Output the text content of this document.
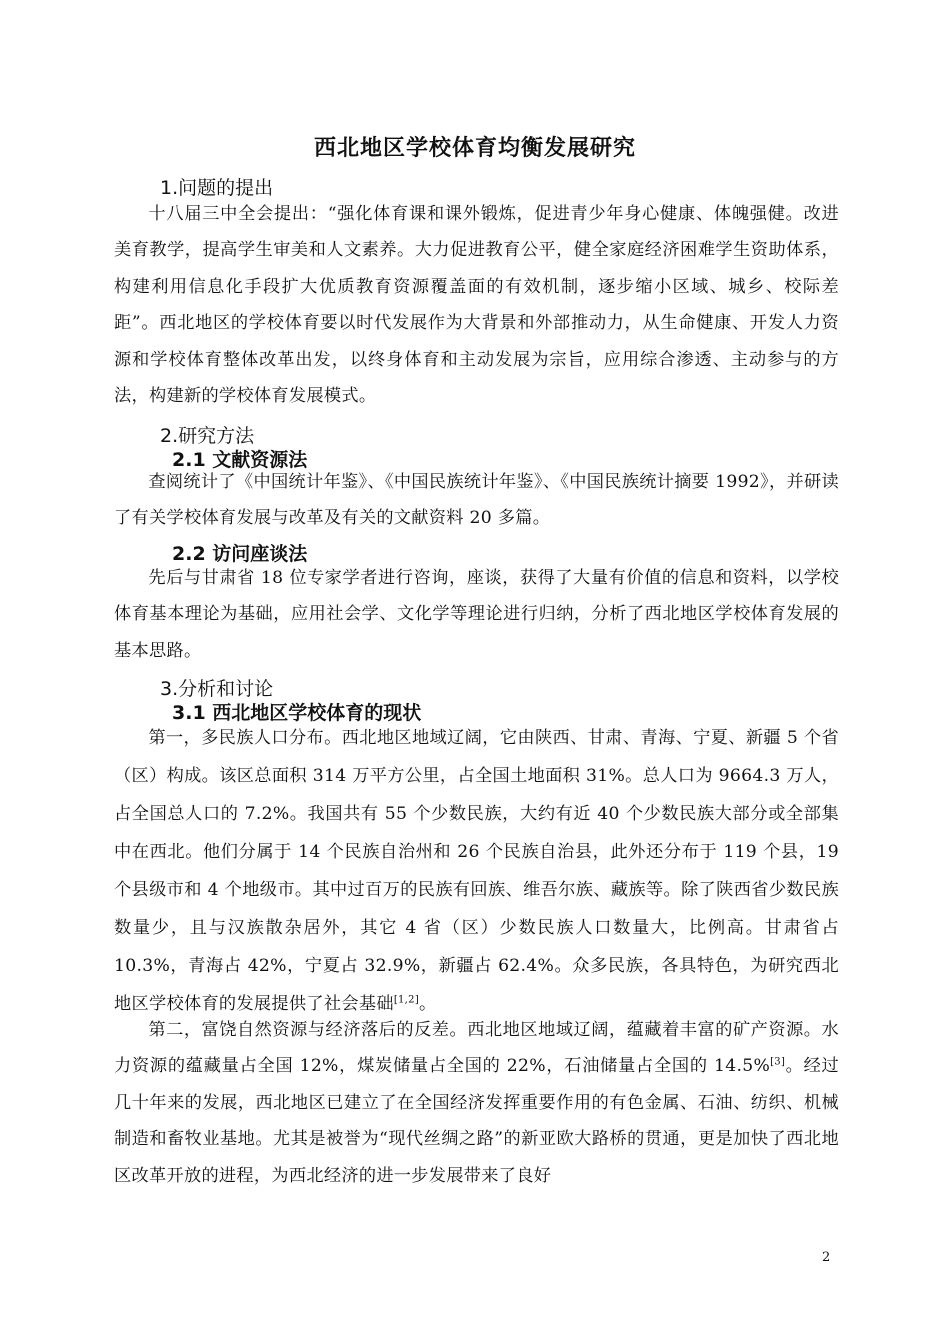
西北地区学校体育均衡发展研究
1.问题的提出
十八届三中全会提出：“强化体育课和课外锻炼，促进青少年身心健康、体魄强健。改进美育教学，提高学生审美和人文素养。大力促进教育公平，健全家庭经济困难学生资助体系，构建利用信息化手段扩大优质教育资源覆盖面的有效机制，逐步缩小区域、城乡、校际差距”。西北地区的学校体育要以时代发展作为大背景和外部推动力，从生命健康、开发人力资源和学校体育整体改革出发，以终身体育和主动发展为宗旨，应用综合渗透、主动参与的方法，构建新的学校体育发展模式。
2.研究方法
2.1 文献资源法
查阅统计了《中国统计年鉴》、《中国民族统计年鉴》、《中国民族统计摘要 1992》，并研读了有关学校体育发展与改革及有关的文献资料 20 多篇。
2.2 访问座谈法
先后与甘肃省 18 位专家学者进行咨询，座谈，获得了大量有价值的信息和资料，以学校体育基本理论为基础，应用社会学、文化学等理论进行归纳，分析了西北地区学校体育发展的基本思路。
3.分析和讨论
3.1 西北地区学校体育的现状
第一，多民族人口分布。西北地区地域辽阔，它由陕西、甘肃、青海、宁夏、新疆 5 个省（区）构成。该区总面积 314 万平方公里，占全国土地面积 31%。总人口为 9664.3 万人，占全国总人口的 7.2%。我国共有 55 个少数民族，大约有近 40 个少数民族大部分或全部集中在西北。他们分属于 14 个民族自治州和 26 个民族自治县，此外还分布于 119 个县，19 个县级市和 4 个地级市。其中过百万的民族有回族、维吾尔族、藏族等。除了陕西省少数民族数量少，且与汉族散杂居外，其它 4 省（区）少数民族人口数量大，比例高。甘肃省占 10.3%，青海占 42%，宁夏占 32.9%，新疆占 62.4%。众多民族，各具特色，为研究西北地区学校体育的发展提供了社会基础[1,2]。
第二，富饶自然资源与经济落后的反差。西北地区地域辽阔，蕴藏着丰富的矿产资源。水力资源的蕴藏量占全国 12%，煤炭储量占全国的 22%，石油储量占全国的 14.5%[3]。经过几十年来的发展，西北地区已建立了在全国经济发挥重要作用的有色金属、石油、纺织、机械制造和畜牧业基地。尤其是被誉为“现代丝绸之路”的新亚欧大路桥的贯通，更是加快了西北地区改革开放的进程，为西北经济的进一步发展带来了良好
2
